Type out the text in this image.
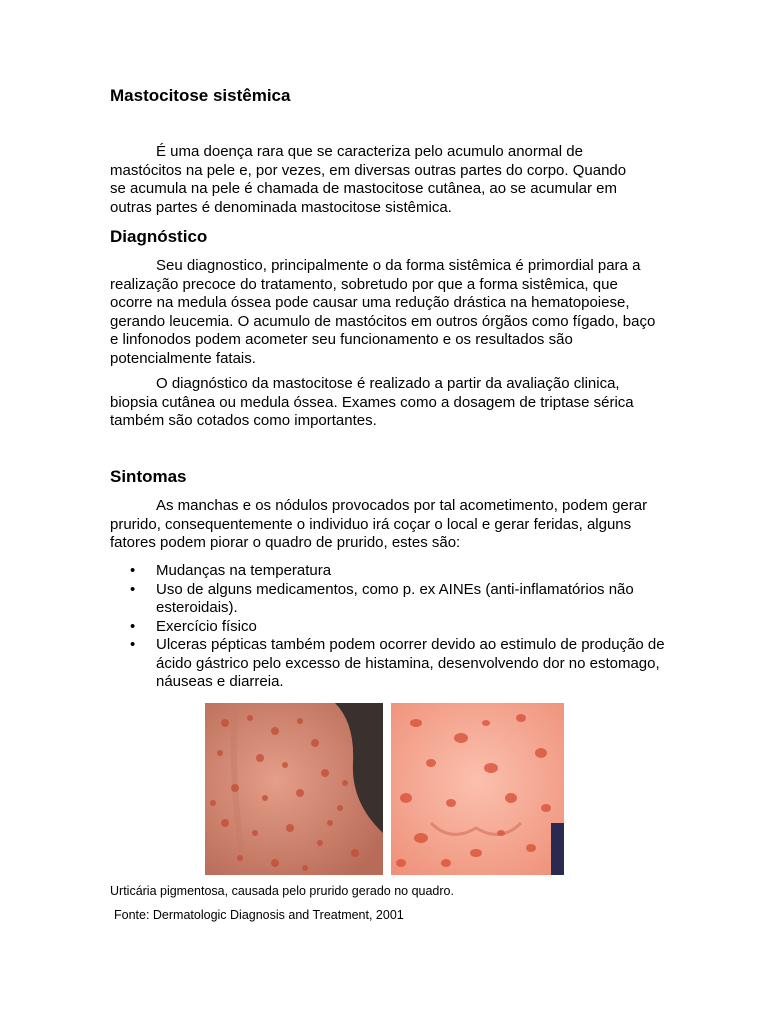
Mastocitose sistêmica

É uma doença rara que se caracteriza pelo acumulo anormal de mastócitos na pele e, por vezes, em diversas outras partes do corpo. Quando se acumula na pele é chamada de mastocitose cutânea, ao se acumular em outras partes é denominada mastocitose sistêmica.

Diagnóstico

Seu diagnostico, principalmente o da forma sistêmica é primordial para a realização precoce do tratamento, sobretudo por que a forma sistêmica, que ocorre na medula óssea pode causar uma redução drástica na hematopoiese, gerando leucemia. O acumulo de mastócitos em outros órgãos como fígado, baço e linfonodos podem acometer seu funcionamento e os resultados são potencialmente fatais.

O diagnóstico da mastocitose é realizado a partir da avaliação clinica, biopsia cutânea ou medula óssea. Exames como a dosagem de triptase sérica também são cotados como importantes.

Sintomas

As manchas e os nódulos provocados por tal acometimento, podem gerar prurido, consequentemente o individuo irá coçar o local e gerar feridas, alguns fatores podem piorar o quadro de prurido, estes são:

• Mudanças na temperatura
• Uso de alguns medicamentos, como p. ex AINEs (anti-inflamatórios não esteroidais).
• Exercício físico
• Ulceras pépticas também podem ocorrer devido ao estimulo de produção de ácido gástrico pelo excesso de histamina, desenvolvendo dor no estomago, náuseas e diarreia.
Urticária pigmentosa, causada pelo prurido gerado no quadro.
Fonte: Dermatologic Diagnosis and Treatment, 2001
